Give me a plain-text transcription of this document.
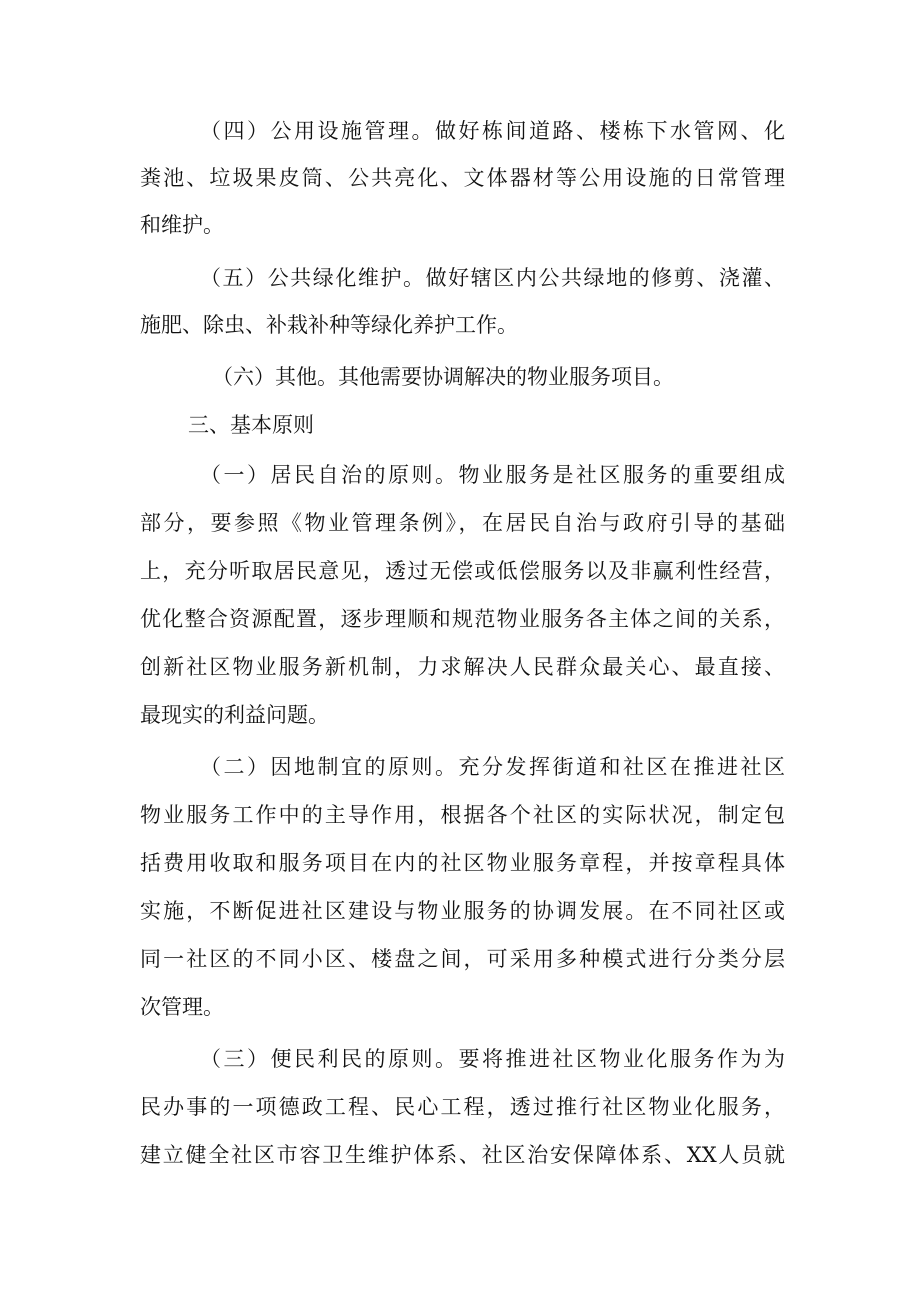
（四）公用设施管理。做好栋间道路、楼栋下水管网、化
粪池、垃圾果皮筒、公共亮化、文体器材等公用设施的日常管理
和维护。
（五）公共绿化维护。做好辖区内公共绿地的修剪、浇灌、
施肥、除虫、补栽补种等绿化养护工作。
（六）其他。其他需要协调解决的物业服务项目。
三、基本原则
（一）居民自治的原则。物业服务是社区服务的重要组成
部分，要参照《物业管理条例》，在居民自治与政府引导的基础
上，充分听取居民意见，透过无偿或低偿服务以及非赢利性经营，
优化整合资源配置，逐步理顺和规范物业服务各主体之间的关系，
创新社区物业服务新机制，力求解决人民群众最关心、最直接、
最现实的利益问题。
（二）因地制宜的原则。充分发挥街道和社区在推进社区
物业服务工作中的主导作用，根据各个社区的实际状况，制定包
括费用收取和服务项目在内的社区物业服务章程，并按章程具体
实施，不断促进社区建设与物业服务的协调发展。在不同社区或
同一社区的不同小区、楼盘之间，可采用多种模式进行分类分层
次管理。
（三）便民利民的原则。要将推进社区物业化服务作为为
民办事的一项德政工程、民心工程，透过推行社区物业化服务，
建立健全社区市容卫生维护体系、社区治安保障体系、XX人员就
